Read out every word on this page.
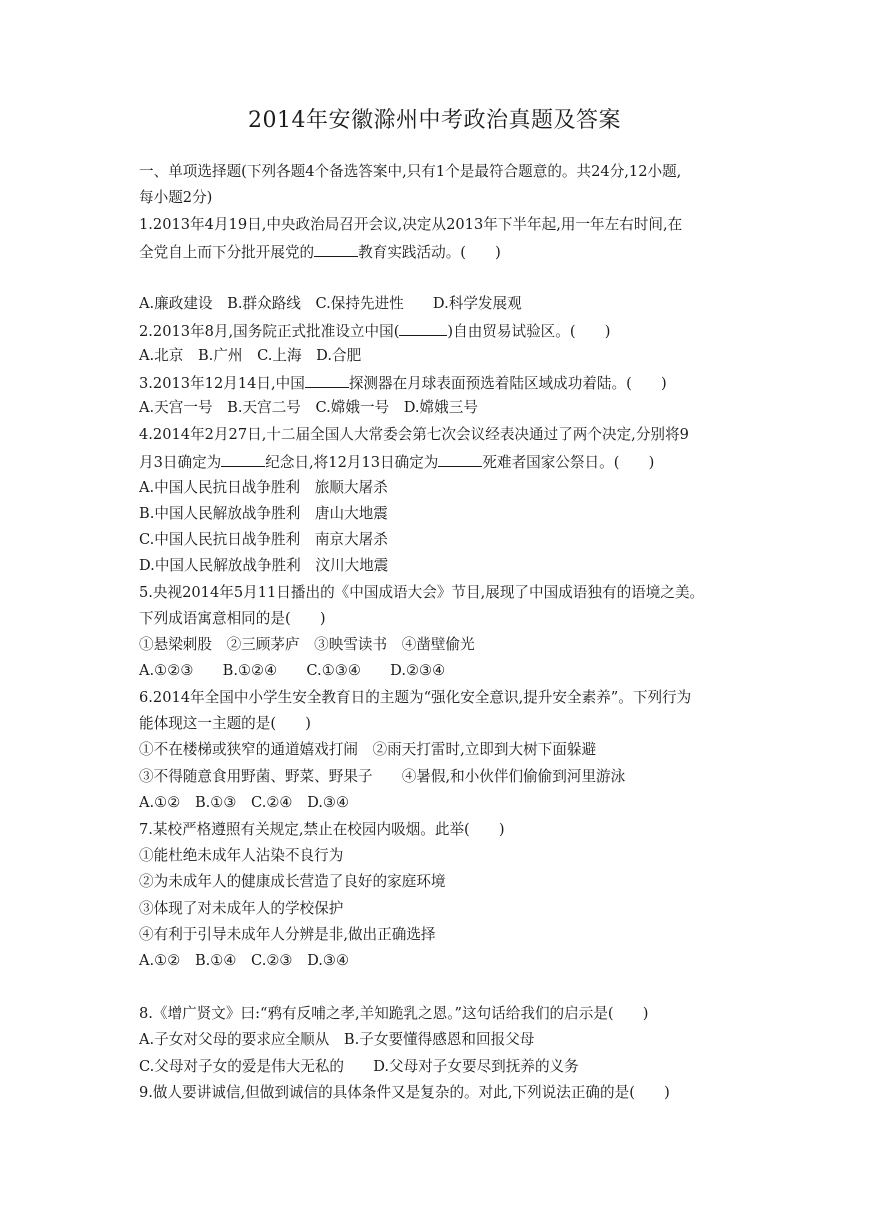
2014年安徽滁州中考政治真题及答案
一、单项选择题(下列各题4个备选答案中,只有1个是最符合题意的。共24分,12小题,
每小题2分)
1.2013年4月19日,中央政治局召开会议,决定从2013年下半年起,用一年左右时间,在
全党自上而下分批开展党的	教育实践活动。(　　)
A.廉政建设　B.群众路线　C.保持先进性　　D.科学发展观
2.2013年8月,国务院正式批准设立中国(	)自由贸易试验区。(　　)
A.北京　B.广州　C.上海　D.合肥
3.2013年12月14日,中国	探测器在月球表面预选着陆区域成功着陆。(　　)
A.天宫一号　B.天宫二号　C.嫦娥一号　D.嫦娥三号
4.2014年2月27日,十二届全国人大常委会第七次会议经表决通过了两个决定,分别将9
月3日确定为	纪念日,将12月13日确定为	死难者国家公祭日。(　　)
A.中国人民抗日战争胜利　旅顺大屠杀
B.中国人民解放战争胜利　唐山大地震
C.中国人民抗日战争胜利　南京大屠杀
D.中国人民解放战争胜利　汶川大地震
5.央视2014年5月11日播出的《中国成语大会》节目,展现了中国成语独有的语境之美。
下列成语寓意相同的是(　　)
①悬梁刺股　②三顾茅庐　③映雪读书　④凿壁偷光
A.①②③　　B.①②④　　C.①③④　　D.②③④
6.2014年全国中小学生安全教育日的主题为“强化安全意识,提升安全素养”。下列行为
能体现这一主题的是(　　)
①不在楼梯或狭窄的通道嬉戏打闹　②雨天打雷时,立即到大树下面躲避
③不得随意食用野菌、野菜、野果子　　④暑假,和小伙伴们偷偷到河里游泳
A.①②　B.①③　C.②④　D.③④
7.某校严格遵照有关规定,禁止在校园内吸烟。此举(　　)
①能杜绝未成年人沾染不良行为
②为未成年人的健康成长营造了良好的家庭环境
③体现了对未成年人的学校保护
④有利于引导未成年人分辨是非,做出正确选择
A.①②　B.①④　C.②③　D.③④
8.《增广贤文》曰:“鸦有反哺之孝,羊知跪乳之恩。”这句话给我们的启示是(　　)
A.子女对父母的要求应全顺从　B.子女要懂得感恩和回报父母
C.父母对子女的爱是伟大无私的　　D.父母对子女要尽到抚养的义务
9.做人要讲诚信,但做到诚信的具体条件又是复杂的。对此,下列说法正确的是(　　)
